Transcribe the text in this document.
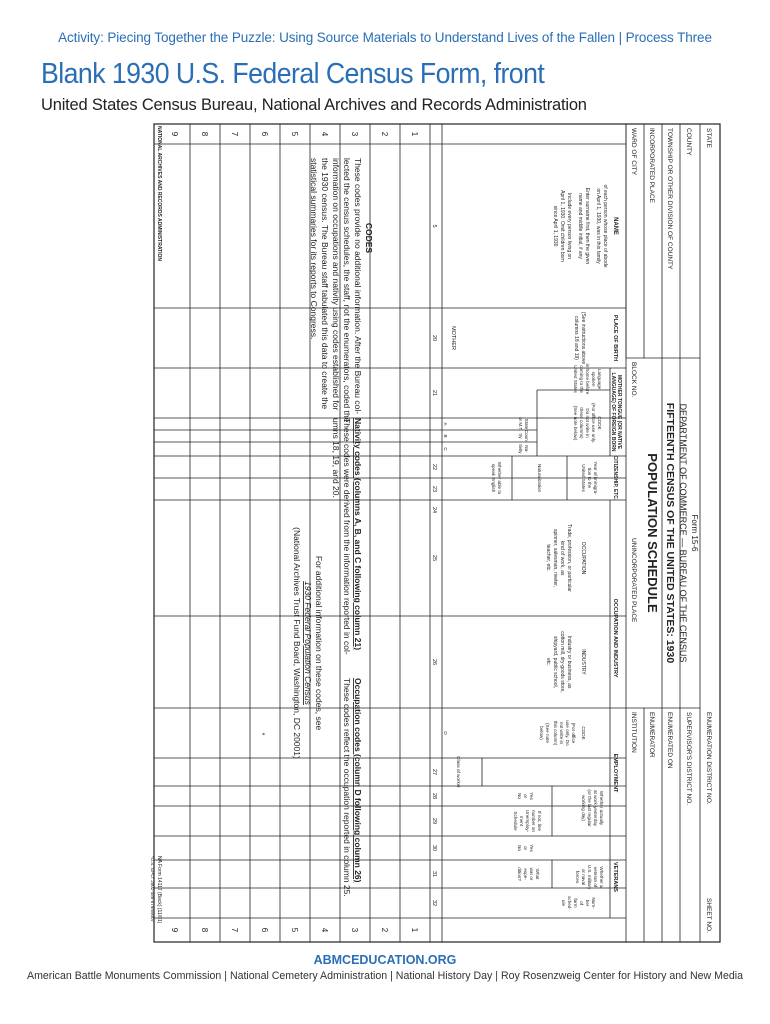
Activity: Piecing Together the Puzzle: Using Source Materials to Understand Lives of the Fallen | Process Three
Blank 1930 U.S. Federal Census Form, front
United States Census Bureau, National Archives and Records Administration
STATE
COUNTY
TOWNSHIP OR OTHER DIVISION OF COUNTY
INCORPORATED PLACE
WARD OF CITY
BLOCK NO.
UNINCORPORATED PLACE
INSTITUTION	ENUMERATION DISTRICT NO.
SUPERVISOR'S DISTRICT NO.
ENUMERATED ON
ENUMERATOR
SHEET NO.
Form 15-6
DEPARTMENT OF COMMERCE — BUREAU OF THE CENSUS
FIFTEENTH CENSUS OF THE UNITED STATES: 1930
POPULATION SCHEDULE
NAME
of each person whose place of abode
on April 1, 1930, was in this family
Enter surname first, then the given
name and middle initial, if any
Include every person living on
April 1, 1930. Omit children born
since April 1, 1930
5
PLACE OF BIRTH
(See instructions above
columns 18 and 19)
MOTHER
20
MOTHER TONGUE (OR NATIVE
LANGUAGE) OF FOREIGN BORN
Language
spoken
in home before
coming to the
United States
CODE
(For office use only.
Do not write in
these columns)
(See note below)
State
or M.T.
Coun-
try
Na-
tivity
A
B
C
21
22	CITIZENSHIP, ETC.
Year of immigra-
tion to the
United States
Naturalization
Whether able to
speak English
23
24
OCCUPATION AND INDUSTRY
OCCUPATION
Trade, profession, or particular
kind of work, as
spinner, salesman, riveter,
teacher, etc.
INDUSTRY
Industry or business, as
cotton mill, dry-goods store,
shipyard, public school,
etc.
CODE
(For office
use only. Do
not write in
this column)
(See note
below)
D
25
26
EMPLOYMENT
Whether actually
at work yesterday
(or the last regular
working day)
Class of worker
Yes
or
No
If not, line
number on
Unemploy-
ment
Schedule
27
28
29
VETERANS
Whether a
veteran of
U.S. military
or naval
forces
Yes
or
No
What
war or
expe-
dition?
Num-
ber
of
farm
sched-
ule
30
31
32
1
2
3
4
5
6
7
8
9
1
2
3
4
5
6
7
8
9
*
NATIONAL ARCHIVES AND RECORDS ADMINISTRATION
NA Form 14117 (Back) (11/01)
CODES
These codes provide no additional information. After the Bureau col-
lected the census schedules, the staff, not the enumerators, coded the
information on occupations and nativity using codes established for
the 1930 census. The Bureau staff tabulated this data to create the
statistical summaries for its reports to Congress.
Nativity codes (columns A, B, and C following column 21)
These codes were derived from the information reported in col-
umns 18, 19, and 20.
Occupation codes (column D following column 26)
These codes reflect the occupation reported in column 25.
For additional information on these codes, see
1930 Federal Population Census
(National Archives Trust Fund Board, Washington, DC 20001)
*U.S. GPO: 2002-488-879/69007
ABMCEDUCATION.ORG
American Battle Monuments Commission | National Cemetery Administration | National History Day | Roy Rosenzweig Center for History and New Media
